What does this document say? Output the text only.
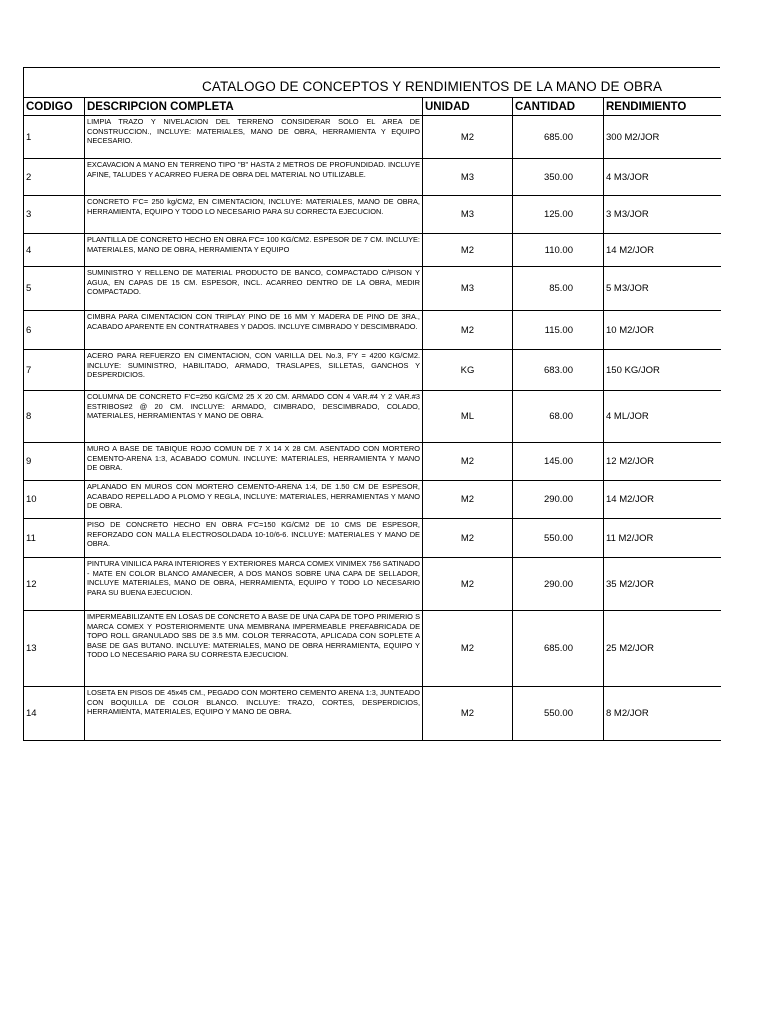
CATALOGO DE CONCEPTOS Y RENDIMIENTOS DE LA MANO DE OBRA
CODIGO	DESCRIPCION COMPLETA	UNIDAD	CANTIDAD	RENDIMIENTO
1	LIMPIA TRAZO Y NIVELACION DEL TERRENO CONSIDERAR SOLO EL AREA DE CONSTRUCCION., INCLUYE: MATERIALES, MANO DE OBRA, HERRAMIENTA Y EQUIPO NECESARIO.	M2	685.00	300 M2/JOR
2	EXCAVACION A MANO EN TERRENO TIPO "B" HASTA 2 METROS DE PROFUNDIDAD. INCLUYE AFINE, TALUDES Y ACARREO FUERA DE OBRA DEL MATERIAL NO UTILIZABLE.	M3	350.00	4 M3/JOR
3	CONCRETO F'C= 250 kg/CM2, EN CIMENTACION, INCLUYE: MATERIALES, MANO DE OBRA, HERRAMIENTA, EQUIPO Y TODO LO NECESARIO PARA SU CORRECTA EJECUCION.	M3	125.00	3 M3/JOR
4	PLANTILLA DE CONCRETO HECHO EN OBRA F'C= 100 KG/CM2. ESPESOR DE 7 CM. INCLUYE: MATERIALES, MANO DE OBRA, HERRAMIENTA Y EQUIPO	M2	110.00	14 M2/JOR
5	SUMINISTRO Y RELLENO DE MATERIAL PRODUCTO DE BANCO, COMPACTADO C/PISON Y AGUA, EN CAPAS DE 15 CM. ESPESOR, INCL. ACARREO DENTRO DE LA OBRA, MEDIR COMPACTADO.	M3	85.00	5 M3/JOR
6	CIMBRA PARA CIMENTACION CON TRIPLAY PINO DE 16 MM Y MADERA DE PINO DE 3RA., ACABADO APARENTE EN CONTRATRABES Y DADOS. INCLUYE CIMBRADO Y DESCIMBRADO.	M2	115.00	10 M2/JOR
7	ACERO PARA REFUERZO EN CIMENTACION, CON VARILLA DEL No.3, F'Y = 4200 KG/CM2. INCLUYE: SUMINISTRO, HABILITADO, ARMADO, TRASLAPES, SILLETAS, GANCHOS Y DESPERDICIOS.	KG	683.00	150 KG/JOR
8	COLUMNA DE CONCRETO F'C=250 KG/CM2 25 X 20 CM. ARMADO CON 4 VAR.#4 Y 2 VAR.#3 ESTRIBOS#2 @ 20 CM. INCLUYE: ARMADO, CIMBRADO, DESCIMBRADO, COLADO, MATERIALES, HERRAMIENTAS Y MANO DE OBRA.	ML	68.00	4 ML/JOR
9	MURO A BASE DE TABIQUE ROJO COMUN DE 7 X 14 X 28 CM. ASENTADO CON MORTERO CEMENTO-ARENA 1:3, ACABADO COMUN. INCLUYE: MATERIALES, HERRAMIENTA Y MANO DE OBRA.	M2	145.00	12 M2/JOR
10	APLANADO EN MUROS CON MORTERO CEMENTO-ARENA 1:4, DE 1.50 CM DE ESPESOR, ACABADO REPELLADO A PLOMO Y REGLA, INCLUYE: MATERIALES, HERRAMIENTAS Y MANO DE OBRA.	M2	290.00	14 M2/JOR
11	PISO DE CONCRETO HECHO EN OBRA F'C=150 KG/CM2 DE 10 CMS DE ESPESOR, REFORZADO CON MALLA ELECTROSOLDADA 10-10/6-6. INCLUYE: MATERIALES Y MANO DE OBRA.	M2	550.00	11 M2/JOR
12	PINTURA VINILICA PARA INTERIORES Y EXTERIORES MARCA COMEX VINIMEX 756 SATINADO - MATE EN COLOR BLANCO AMANECER, A DOS MANOS SOBRE UNA CAPA DE SELLADOR, INCLUYE MATERIALES, MANO DE OBRA, HERRAMIENTA, EQUIPO Y TODO LO NECESARIO PARA SU BUENA EJECUCION.	M2	290.00	35 M2/JOR
13	IMPERMEABILIZANTE EN LOSAS DE CONCRETO A BASE DE UNA CAPA DE TOPO PRIMERIO S MARCA COMEX Y POSTERIORMENTE UNA MEMBRANA IMPERMEABLE PREFABRICADA DE TOPO ROLL GRANULADO SBS DE 3.5 MM. COLOR TERRACOTA, APLICADA CON SOPLETE A BASE DE GAS BUTANO. INCLUYE: MATERIALES, MANO DE OBRA HERRAMIENTA, EQUIPO Y TODO LO NECESARIO PARA SU CORRESTA EJECUCION.	M2	685.00	25 M2/JOR
14	LOSETA EN PISOS DE 45x45 CM., PEGADO CON MORTERO CEMENTO ARENA 1:3, JUNTEADO CON BOQUILLA DE COLOR BLANCO. INCLUYE: TRAZO, CORTES, DESPERDICIOS, HERRAMIENTA, MATERIALES, EQUIPO Y MANO DE OBRA.	M2	550.00	8 M2/JOR
